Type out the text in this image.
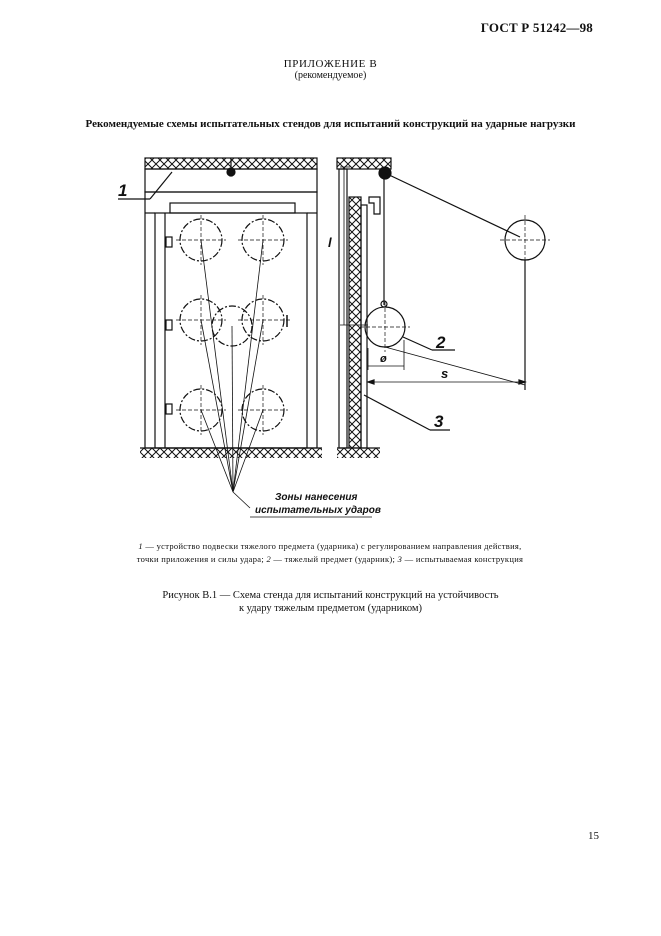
ГОСТ Р 51242—98
ПРИЛОЖЕНИЕ В
(рекомендуемое)
Рекомендуемые схемы испытательных стендов для испытаний конструкций на ударные нагрузки
1
2
3
l
ø
s
Зоны нанесения
испытательных ударов
1 — устройство подвески тяжелого предмета (ударника) с регулированием направления действия, точки приложения и силы удара; 2 — тяжелый предмет (ударник); 3 — испытываемая конструкция
Рисунок В.1 — Схема стенда для испытаний конструкций на устойчивость
к удару тяжелым предметом (ударником)
15
